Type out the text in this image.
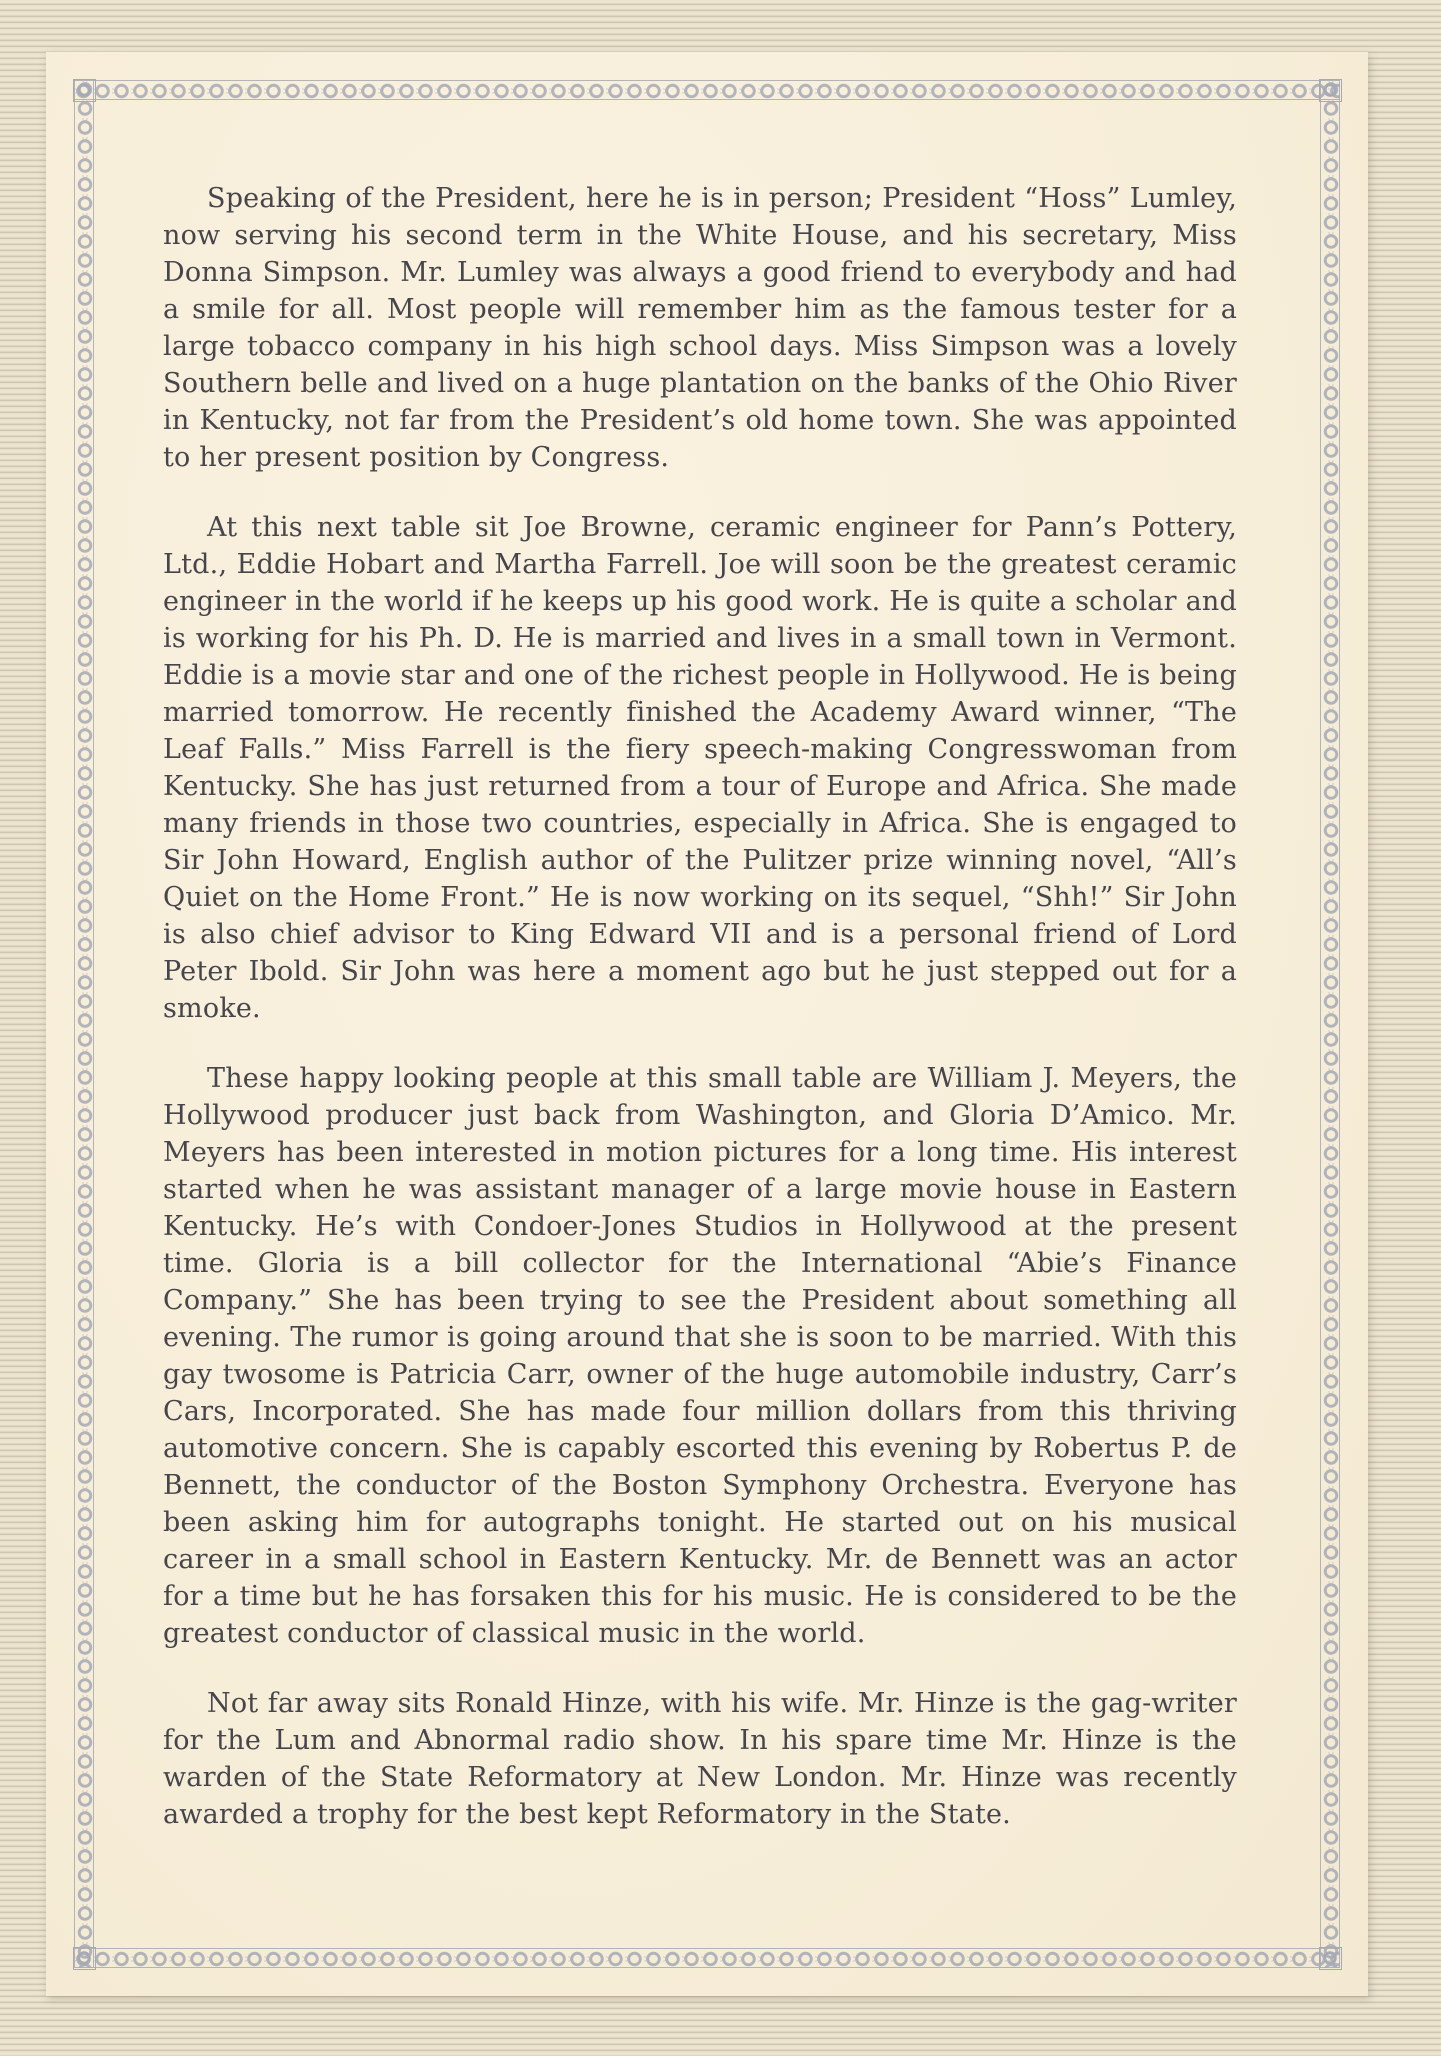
Speaking of the President, here he is in person; President “Hoss” Lumley, now serving his second term in the White House, and his secretary, Miss Donna Simpson. Mr. Lumley was always a good friend to everybody and had a smile for all. Most people will remember him as the famous tester for a large tobacco company in his high school days. Miss Simpson was a lovely Southern belle and lived on a huge plantation on the banks of the Ohio River in Kentucky, not far from the President’s old home town. She was appointed to her present position by Congress.

At this next table sit Joe Browne, ceramic engineer for Pann’s Pottery, Ltd., Eddie Hobart and Martha Farrell. Joe will soon be the greatest ceramic engineer in the world if he keeps up his good work. He is quite a scholar and is working for his Ph. D. He is married and lives in a small town in Vermont. Eddie is a movie star and one of the richest people in Hollywood. He is being married tomorrow. He recently finished the Academy Award winner, “The Leaf Falls.” Miss Farrell is the fiery speech-making Congresswoman from Kentucky. She has just returned from a tour of Europe and Africa. She made many friends in those two countries, especially in Africa. She is engaged to Sir John Howard, English author of the Pulitzer prize winning novel, “All’s Quiet on the Home Front.” He is now working on its sequel, “Shh!” Sir John is also chief advisor to King Edward VII and is a personal friend of Lord Peter Ibold. Sir John was here a moment ago but he just stepped out for a smoke.

These happy looking people at this small table are William J. Meyers, the Hollywood producer just back from Washington, and Gloria D’Amico. Mr. Meyers has been interested in motion pictures for a long time. His interest started when he was assistant manager of a large movie house in Eastern Kentucky. He’s with Condoer-Jones Studios in Hollywood at the present time. Gloria is a bill collector for the International “Abie’s Finance Company.” She has been trying to see the President about something all evening. The rumor is going around that she is soon to be married. With this gay twosome is Patricia Carr, owner of the huge automobile industry, Carr’s Cars, Incorporated. She has made four million dollars from this thriving automotive concern. She is capably escorted this evening by Robertus P. de Bennett, the conductor of the Boston Symphony Orchestra. Everyone has been asking him for autographs tonight. He started out on his musical career in a small school in Eastern Kentucky. Mr. de Bennett was an actor for a time but he has forsaken this for his music. He is considered to be the greatest conductor of classical music in the world.

Not far away sits Ronald Hinze, with his wife. Mr. Hinze is the gag-writer for the Lum and Abnormal radio show. In his spare time Mr. Hinze is the warden of the State Reformatory at New London. Mr. Hinze was recently awarded a trophy for the best kept Reformatory in the State.
